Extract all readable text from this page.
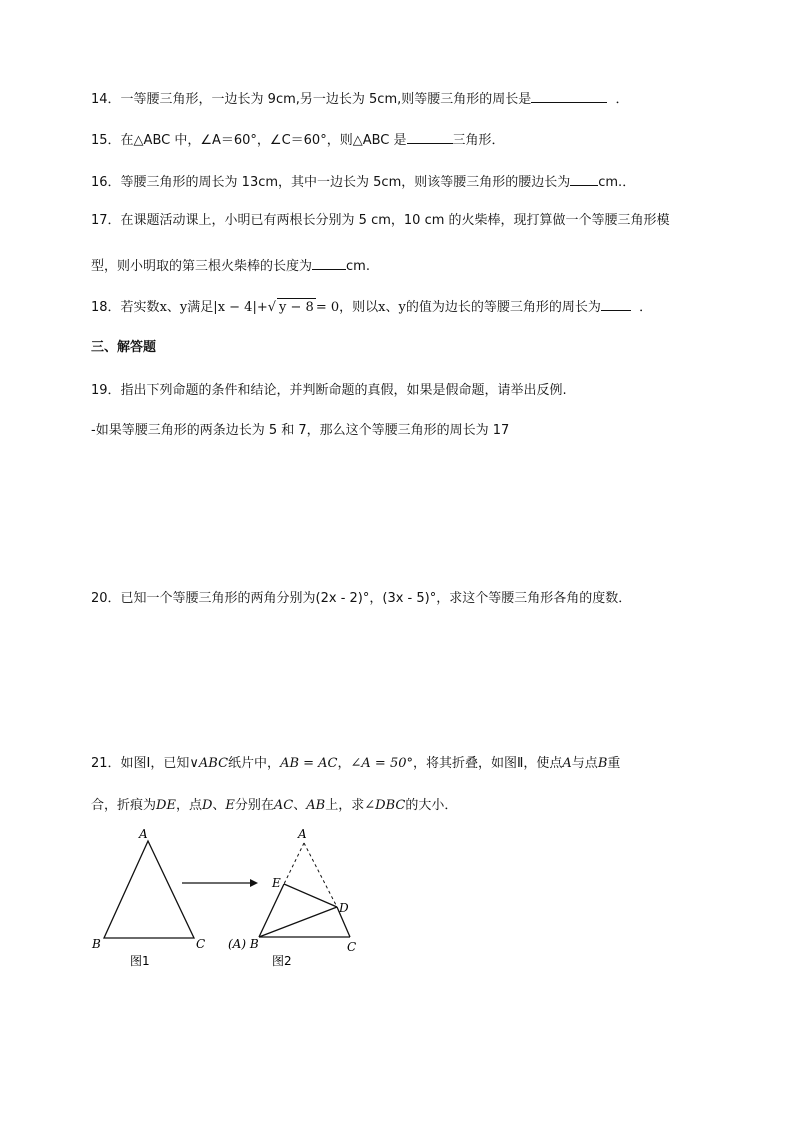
14．一等腰三角形，一边长为 9cm,另一边长为 5cm,则等腰三角形的周长是	．
15．在△ABC 中，∠A＝60°，∠C＝60°，则△ABC 是	三角形．
16．等腰三角形的周长为 13cm，其中一边长为 5cm，则该等腰三角形的腰边长为 cm.．
17．在课题活动课上，小明已有两根长分别为 5 cm，10 cm 的火柴棒，现打算做一个等腰三角形模
型，则小明取的第三根火柴棒的长度为	cm.
18．若实数x、y满足|x − 4|+√ y − 8 = 0，则以x、y的值为边长的等腰三角形的周长为	．
三、解答题
19．指出下列命题的条件和结论，并判断命题的真假，如果是假命题，请举出反例.
-如果等腰三角形的两条边长为 5 和 7，那么这个等腰三角形的周长为 17
20．已知一个等腰三角形的两角分别为(2x - 2)°，(3x - 5)°，求这个等腰三角形各角的度数．
21．如图Ⅰ，已知∨ABC纸片中，AB = AC，∠A = 50°，将其折叠，如图Ⅱ，使点A与点B重
合，折痕为DE，点D、E分别在AC、AB上，求∠DBC的大小．
A
B	C
图1
A
E
D
(A) B	C
图2
